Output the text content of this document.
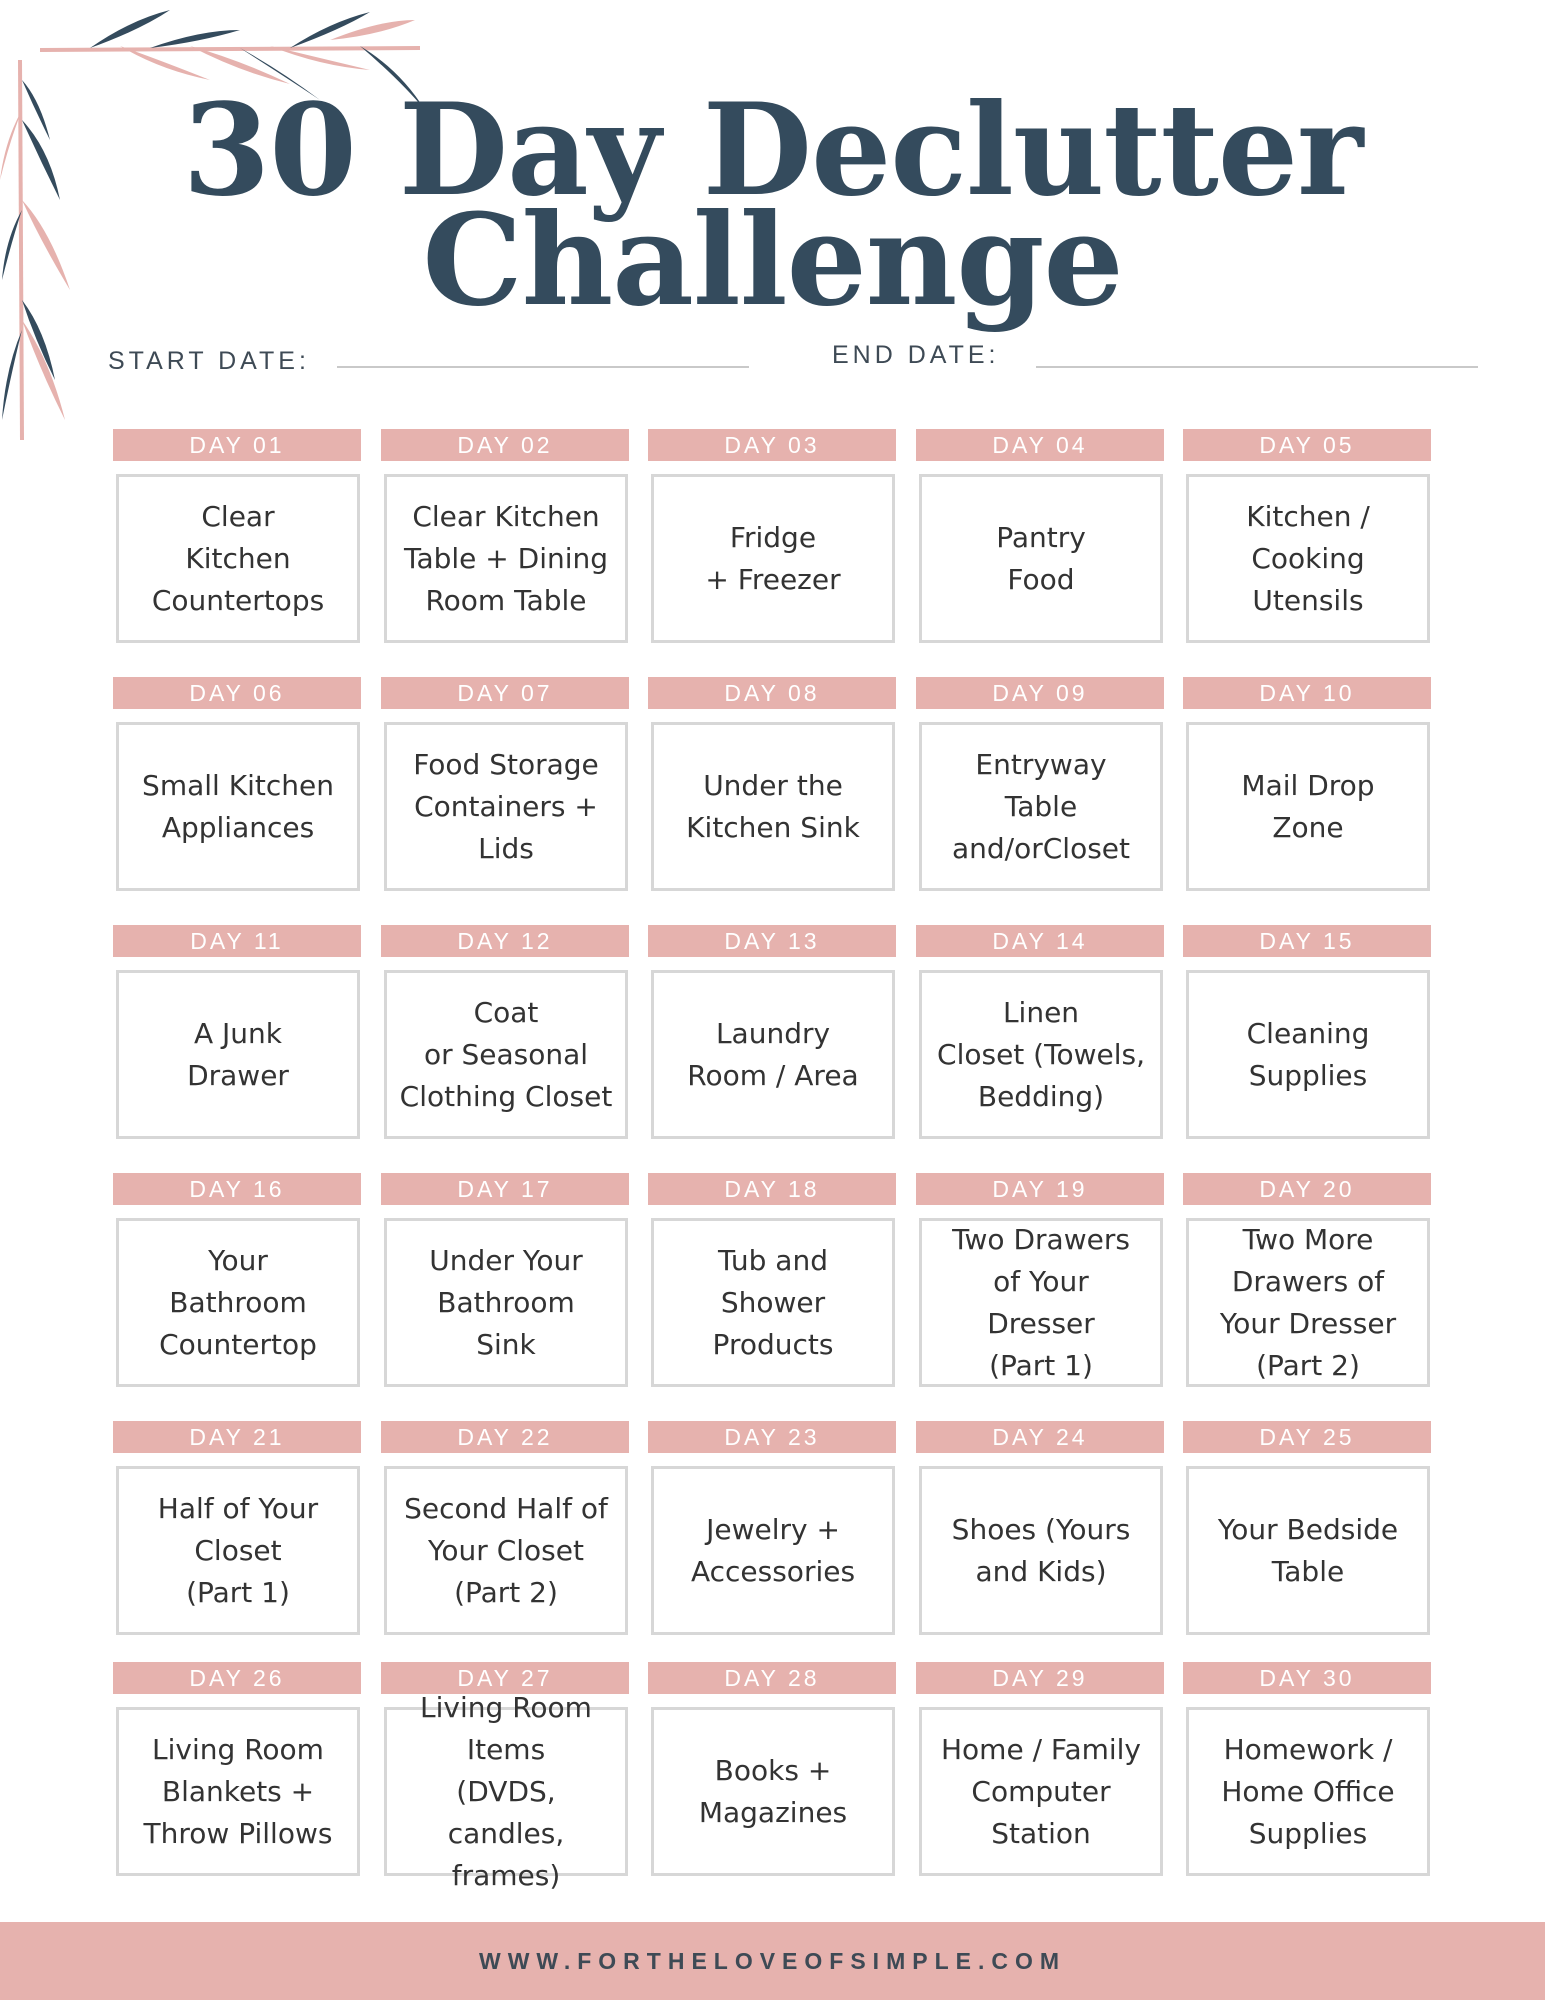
30 Day Declutter
Challenge
START DATE:	END DATE:
DAY 01
Clear
Kitchen
Countertops
DAY 02
Clear Kitchen
Table + Dining
Room Table
DAY 03
Fridge
+ Freezer
DAY 04
Pantry
Food
DAY 05
Kitchen /
Cooking
Utensils
DAY 06
Small Kitchen
Appliances
DAY 07
Food Storage
Containers +
Lids
DAY 08
Under the
Kitchen Sink
DAY 09
Entryway
Table
and/orCloset
DAY 10
Mail Drop
Zone
DAY 11
A Junk
Drawer
DAY 12
Coat
or Seasonal
Clothing Closet
DAY 13
Laundry
Room / Area
DAY 14
Linen
Closet (Towels,
Bedding)
DAY 15
Cleaning
Supplies
DAY 16
Your
Bathroom
Countertop
DAY 17
Under Your
Bathroom
Sink
DAY 18
Tub and
Shower
Products
DAY 19
Two Drawers
of Your
Dresser
(Part 1)
DAY 20
Two More
Drawers of
Your Dresser
(Part 2)
DAY 21
Half of Your
Closet
(Part 1)
DAY 22
Second Half of
Your Closet
(Part 2)
DAY 23
Jewelry +
Accessories
DAY 24
Shoes (Yours
and Kids)
DAY 25
Your Bedside
Table
DAY 26
Living Room
Blankets +
Throw Pillows
DAY 27
Living Room
Items
(DVDS, candles,
frames)
DAY 28
Books +
Magazines
DAY 29
Home / Family
Computer
Station
DAY 30
Homework /
Home Office
Supplies
WWW.FORTHELOVEOFSIMPLE.COM
